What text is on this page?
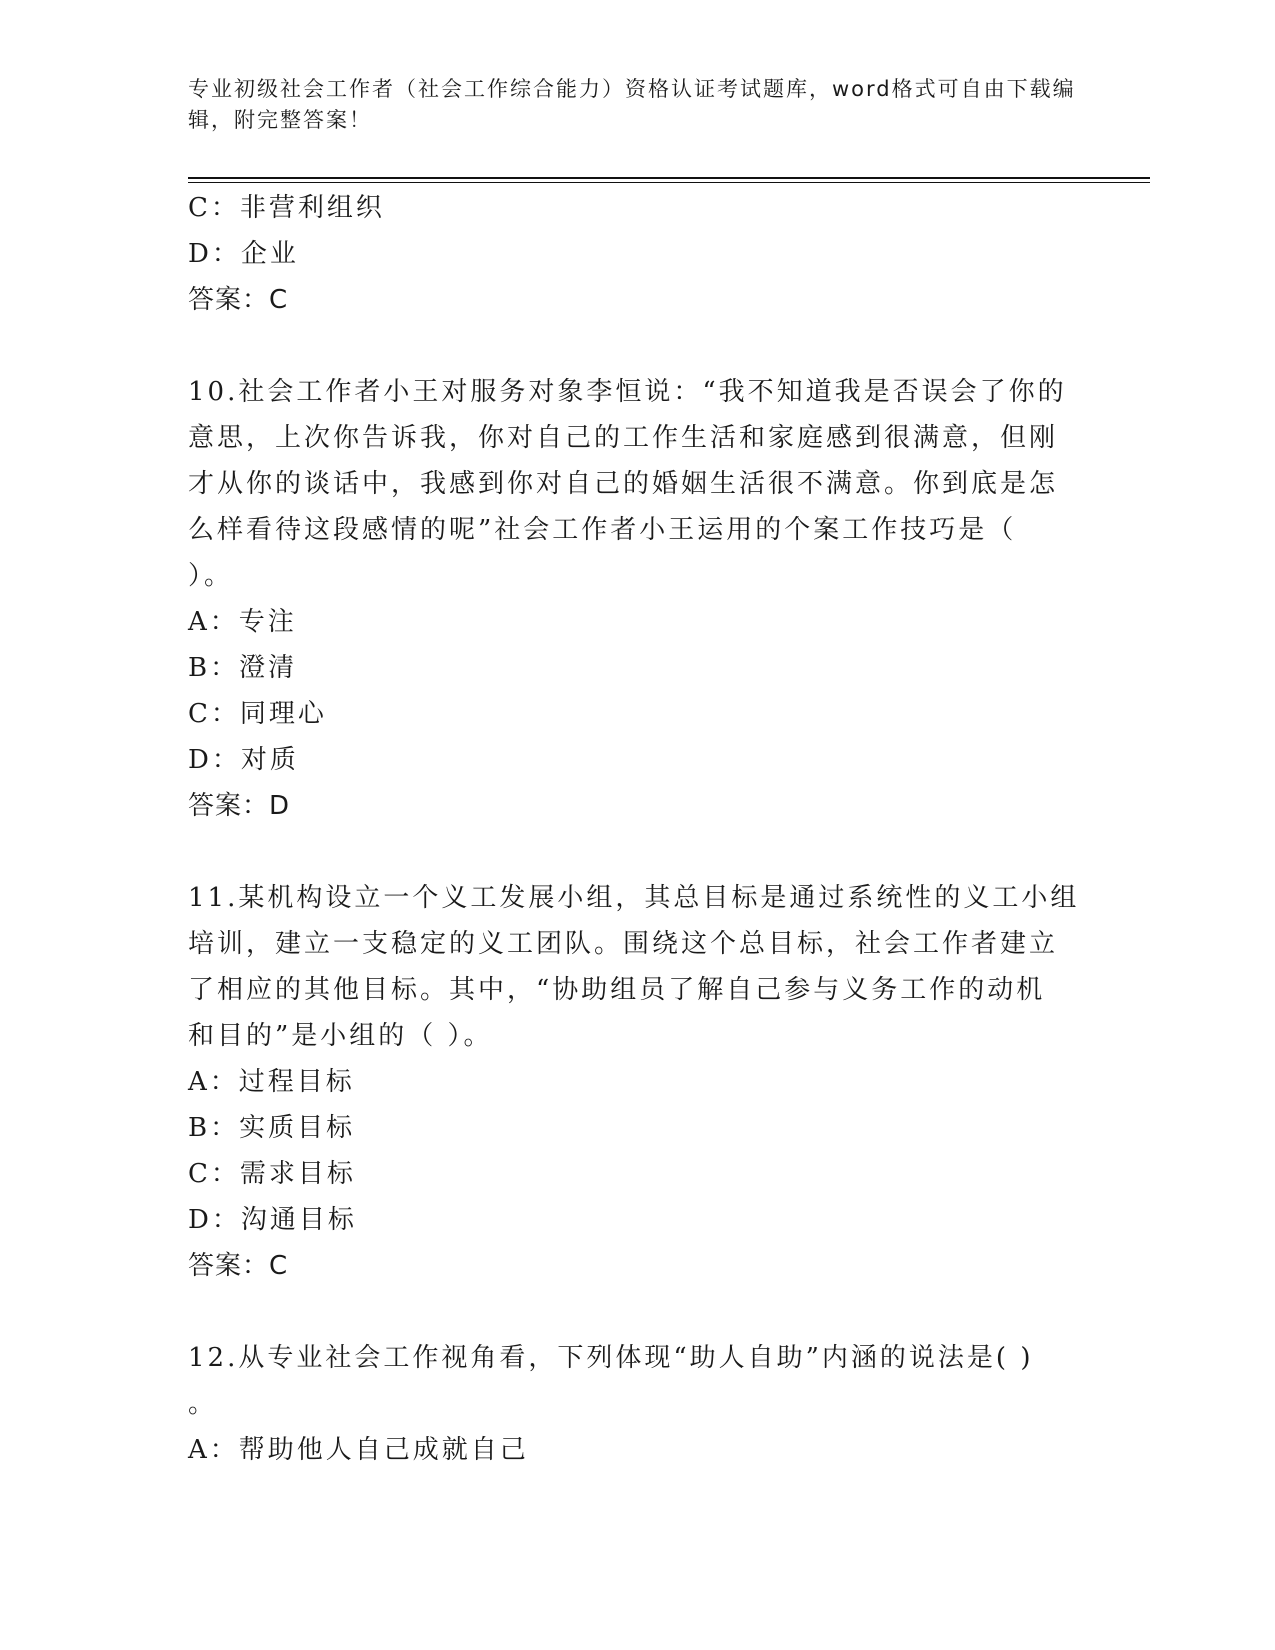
专业初级社会工作者（社会工作综合能力）资格认证考试题库，word格式可自由下载编辑，附完整答案！
C：非营利组织
D：企业
答案：C
10.社会工作者小王对服务对象李恒说：“我不知道我是否误会了你的
意思，上次你告诉我，你对自己的工作生活和家庭感到很满意，但刚
才从你的谈话中，我感到你对自己的婚姻生活很不满意。你到底是怎
么样看待这段感情的呢”社会工作者小王运用的个案工作技巧是（
）。
A：专注
B：澄清
C：同理心
D：对质
答案：D
11.某机构设立一个义工发展小组，其总目标是通过系统性的义工小组
培训，建立一支稳定的义工团队。围绕这个总目标，社会工作者建立
了相应的其他目标。其中，“协助组员了解自己参与义务工作的动机
和目的”是小组的（ ）。
A：过程目标
B：实质目标
C：需求目标
D：沟通目标
答案：C
12.从专业社会工作视角看，下列体现“助人自助”内涵的说法是( )
。
A：帮助他人自己成就自己
